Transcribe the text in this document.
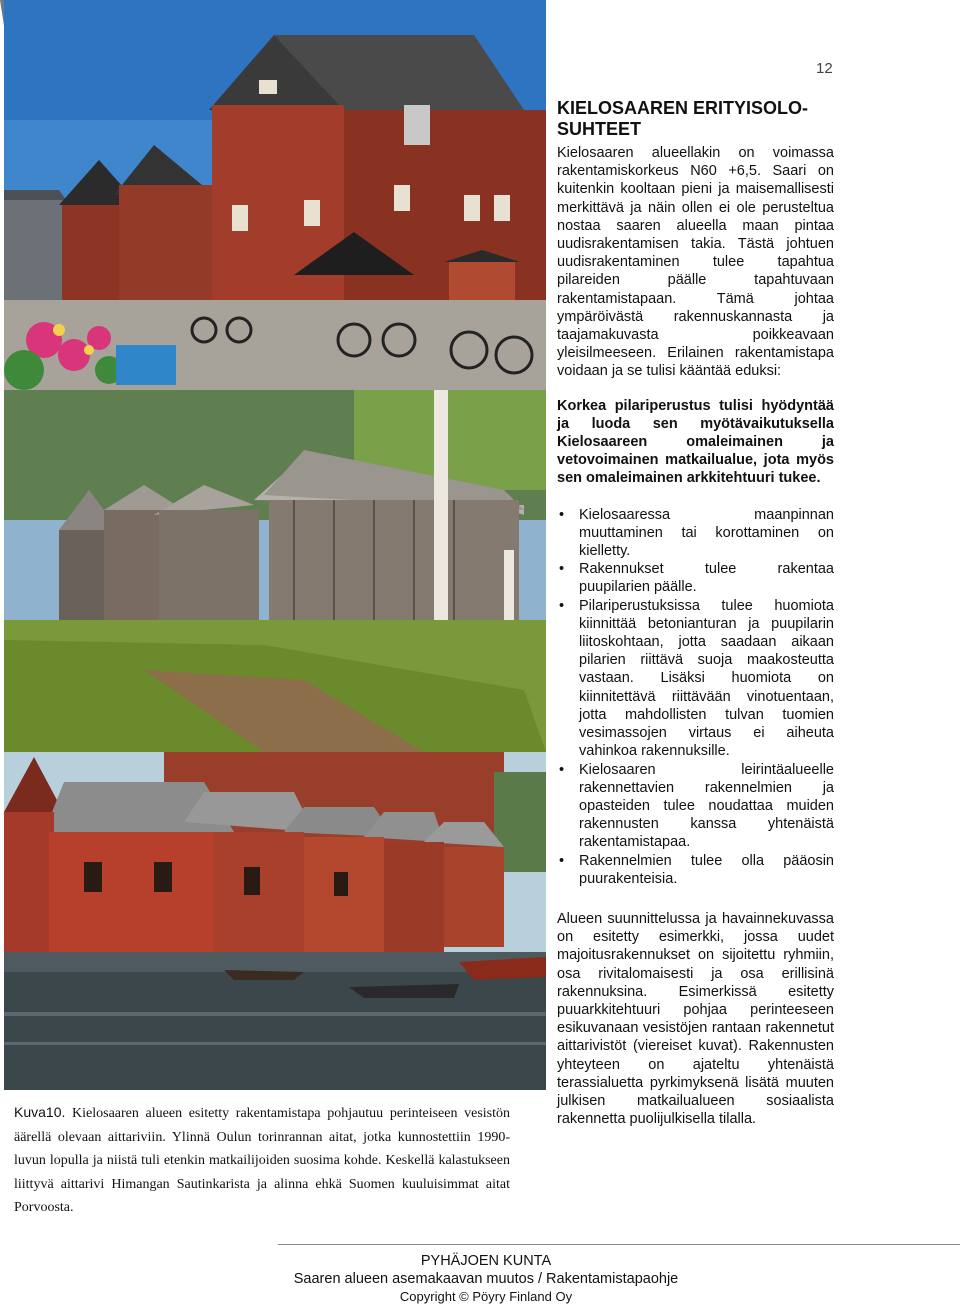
12
KIELOSAAREN ERITYISOLO-SUHTEET

Kielosaaren alueellakin on voimassa rakentamiskorkeus N60 +6,5. Saari on kuitenkin kooltaan pieni ja maisemallisesti merkittävä ja näin ollen ei ole perusteltua nostaa saaren alueella maan pintaa uudisrakentamisen takia. Tästä johtuen uudisrakentaminen tulee tapahtua pilareiden päälle tapahtuvaan rakentamistapaan. Tämä johtaa ympäröivästä rakennuskannasta ja taajamakuvasta poikkeavaan yleisilmeeseen. Erilainen rakentamistapa voidaan ja se tulisi kääntää eduksi:

Korkea pilariperustus tulisi hyödyntää ja luoda sen myötävaikutuksella Kielosaareen omaleimainen ja vetovoimainen matkailualue, jota myös sen omaleimainen arkkitehtuuri tukee.

• Kielosaaressa maanpinnan muuttaminen tai korottaminen on kielletty.
• Rakennukset tulee rakentaa puupilarien päälle.
• Pilariperustuksissa tulee huomiota kiinnittää betonianturan ja puupilarin liitoskohtaan, jotta saadaan aikaan pilarien riittävä suoja maakosteutta vastaan. Lisäksi huomiota on kiinnitettävä riittävään vinotuentaan, jotta mahdollisten tulvan tuomien vesimassojen virtaus ei aiheuta vahinkoa rakennuksille.
• Kielosaaren leirintäalueelle rakennettavien rakennelmien ja opasteiden tulee noudattaa muiden rakennusten kanssa yhtenäistä rakentamistapaa.
• Rakennelmien tulee olla pääosin puurakenteisia.

Alueen suunnittelussa ja havainnekuvassa on esitetty esimerkki, jossa uudet majoitusrakennukset on sijoitettu ryhmiin, osa rivitalomaisesti ja osa erillisinä rakennuksina. Esimerkissä esitetty puuarkkitehtuuri pohjaa perinteeseen esikuvanaan vesistöjen rantaan rakennetut aittarivistöt (viereiset kuvat). Rakennusten yhteyteen on ajateltu yhtenäistä terassialuetta pyrkimyksenä lisätä muuten julkisen matkailualueen sosiaalista rakennetta puolijulkisella tilalla.

Kuva10. Kielosaaren alueen esitetty rakentamistapa pohjautuu perinteiseen vesistön äärellä olevaan aittariviin. Ylinnä Oulun torinrannan aitat, jotka kunnostettiin 1990-luvun lopulla ja niistä tuli etenkin matkailijoiden suosima kohde. Keskellä kalastukseen liittyvä aittarivi Himangan Sautinkarista ja alinna ehkä Suomen kuuluisimmat aitat Porvoosta.
PYHÄJOEN KUNTA
Saaren alueen asemakaavan muutos / Rakentamistapaohje
Copyright © Pöyry Finland Oy
